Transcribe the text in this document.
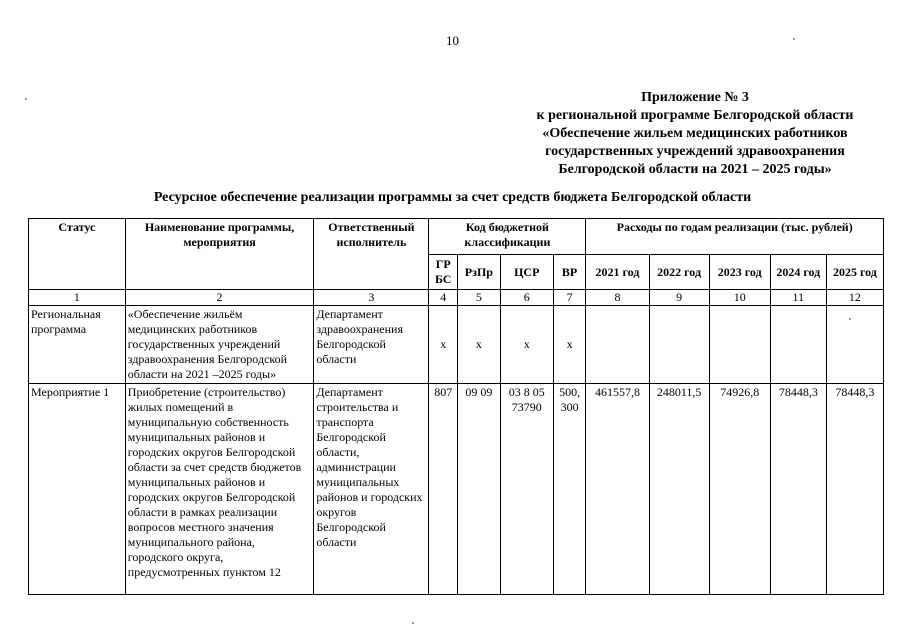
10
Приложение № 3
к региональной программе Белгородской области
«Обеспечение жильем медицинских работников
государственных учреждений здравоохранения
Белгородской области на 2021 – 2025 годы»
Ресурсное обеспечение реализации программы за счет средств бюджета Белгородской области
Статус	Наименование программы, мероприятия	Ответственный исполнитель	Код бюджетной классификации				Расходы по годам реализации (тыс. рублей)				
			ГР БС	РзПр	ЦСР	ВР	2021 год	2022 год	2023 год	2024 год	2025 год
1	2	3	4	5	6	7	8	9	10	11	12
Региональная программа	«Обеспечение жильём медицинских работников государственных учреждений здравоохранения Белгородской области на 2021 –2025 годы»	Департамент здравоохранения Белгородской области	х	х	х	х					
Мероприятие 1	Приобретение (строительство) жилых помещений в муниципальную собственность муниципальных районов и городских округов Белгородской области за счет средств бюджетов муниципальных районов и городских округов Белгородской области в рамках реализации вопросов местного значения муниципального района, городского округа, предусмотренных пунктом 12	Департамент строительства и транспорта Белгородской области, администрации муниципальных районов и городских округов Белгородской области	807	09 09	03 8 05 73790	500, 300	461557,8	248011,5	74926,8	78448,3	78448,3
